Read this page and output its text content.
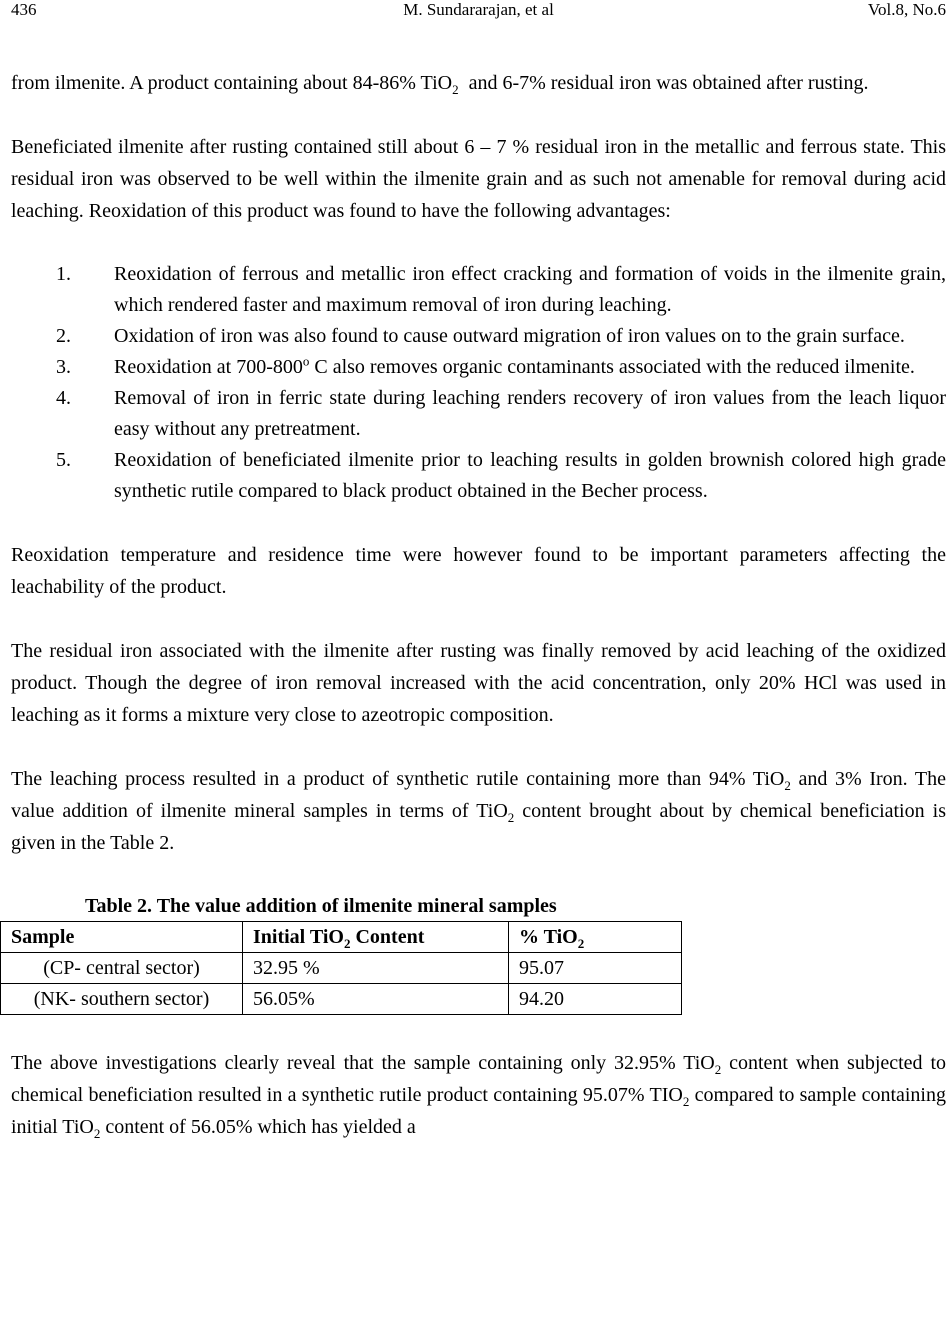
436	M. Sundararajan, et al	Vol.8, No.6

from ilmenite. A product containing about 84-86% TiO$_2$  and 6-7% residual iron was obtained after rusting.

Beneficiated ilmenite after rusting contained still about 6 – 7 % residual iron in the metallic and ferrous state. This residual iron was observed to be well within the ilmenite grain and as such not amenable for removal during acid leaching. Reoxidation of this product was found to have the following advantages:

1. Reoxidation of ferrous and metallic iron effect cracking and formation of voids in the ilmenite grain, which rendered faster and maximum removal of iron during leaching.
2. Oxidation of iron was also found to cause outward migration of iron values on to the grain surface.
3. Reoxidation at 700-800$^o$ C also removes organic contaminants associated with the reduced ilmenite.
4. Removal of iron in ferric state during leaching renders recovery of iron values from the leach liquor easy without any pretreatment.
5. Reoxidation of beneficiated ilmenite prior to leaching results in golden brownish colored high grade synthetic rutile compared to black product obtained in the Becher process.

Reoxidation temperature and residence time were however found to be important parameters affecting the leachability of the product.

The residual iron associated with the ilmenite after rusting was finally removed by acid leaching of the oxidized product. Though the degree of iron removal increased with the acid concentration, only 20% HCl was used in leaching as it forms a mixture very close to azeotropic composition.

The leaching process resulted in a product of synthetic rutile containing more than 94% TiO$_2$ and 3% Iron. The value addition of ilmenite mineral samples in terms of TiO$_2$ content brought about by chemical beneficiation is given in the Table 2.

Table 2. The value addition of ilmenite mineral samples
Sample	Initial TiO$_2$ Content	% TiO$_2$
(CP- central sector)	32.95 %	95.07
(NK- southern sector)	56.05%	94.20

The above investigations clearly reveal that the sample containing only 32.95% TiO$_2$ content when subjected to chemical beneficiation resulted in a synthetic rutile product containing 95.07% $TIO_2$ compared to sample containing initial TiO$_2$ content of 56.05% which has yielded a
